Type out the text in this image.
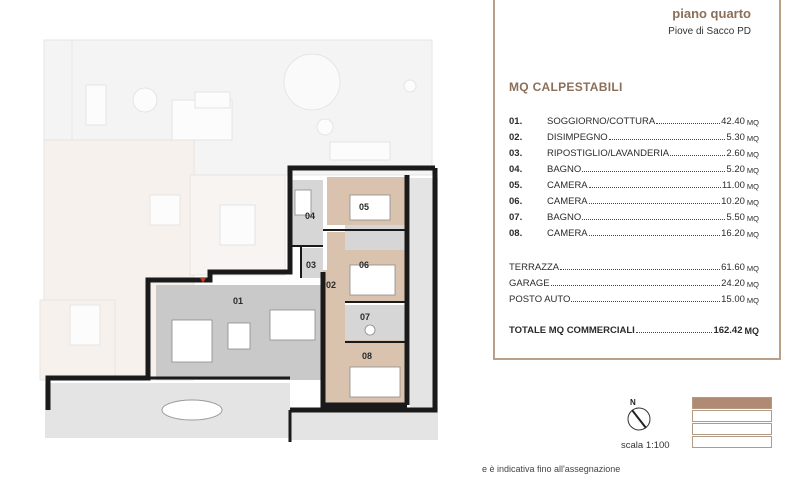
01
02
03
04
05
06
07
08
piano quarto
Piove di Sacco PD
MQ CALPESTABILI
01.	SOGGIORNO/COTTURA	42.40 MQ
02.	DISIMPEGNO	5.30 MQ
03.	RIPOSTIGLIO/LAVANDERIA	2.60 MQ
04.	BAGNO	5.20 MQ
05.	CAMERA	11.00 MQ
06.	CAMERA	10.20 MQ
07.	BAGNO	5.50 MQ
08.	CAMERA	16.20 MQ
TERRAZZA	61.60 MQ
GARAGE	24.20 MQ
POSTO AUTO	15.00 MQ
TOTALE MQ COMMERCIALI	162.42 MQ
N
scala 1:100
e è indicativa fino all'assegnazione
